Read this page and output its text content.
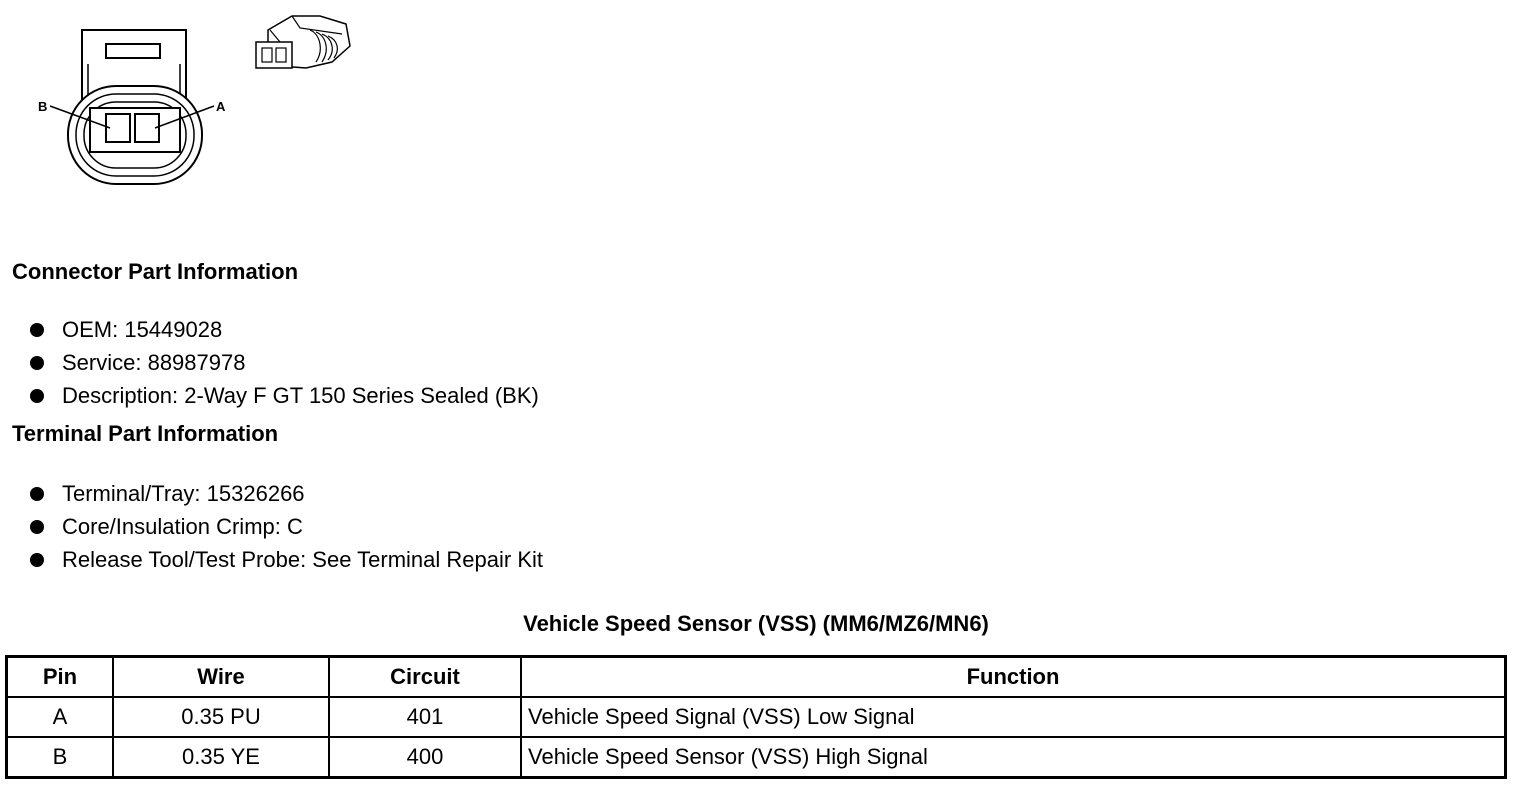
B	A
Connector Part Information
OEM: 15449028
Service: 88987978
Description: 2-Way F GT 150 Series Sealed (BK)
Terminal Part Information
Terminal/Tray: 15326266
Core/Insulation Crimp: C
Release Tool/Test Probe: See Terminal Repair Kit
Vehicle Speed Sensor (VSS) (MM6/MZ6/MN6)
Pin	Wire	Circuit	Function
A	0.35 PU	401	Vehicle Speed Signal (VSS) Low Signal
B	0.35 YE	400	Vehicle Speed Sensor (VSS) High Signal
